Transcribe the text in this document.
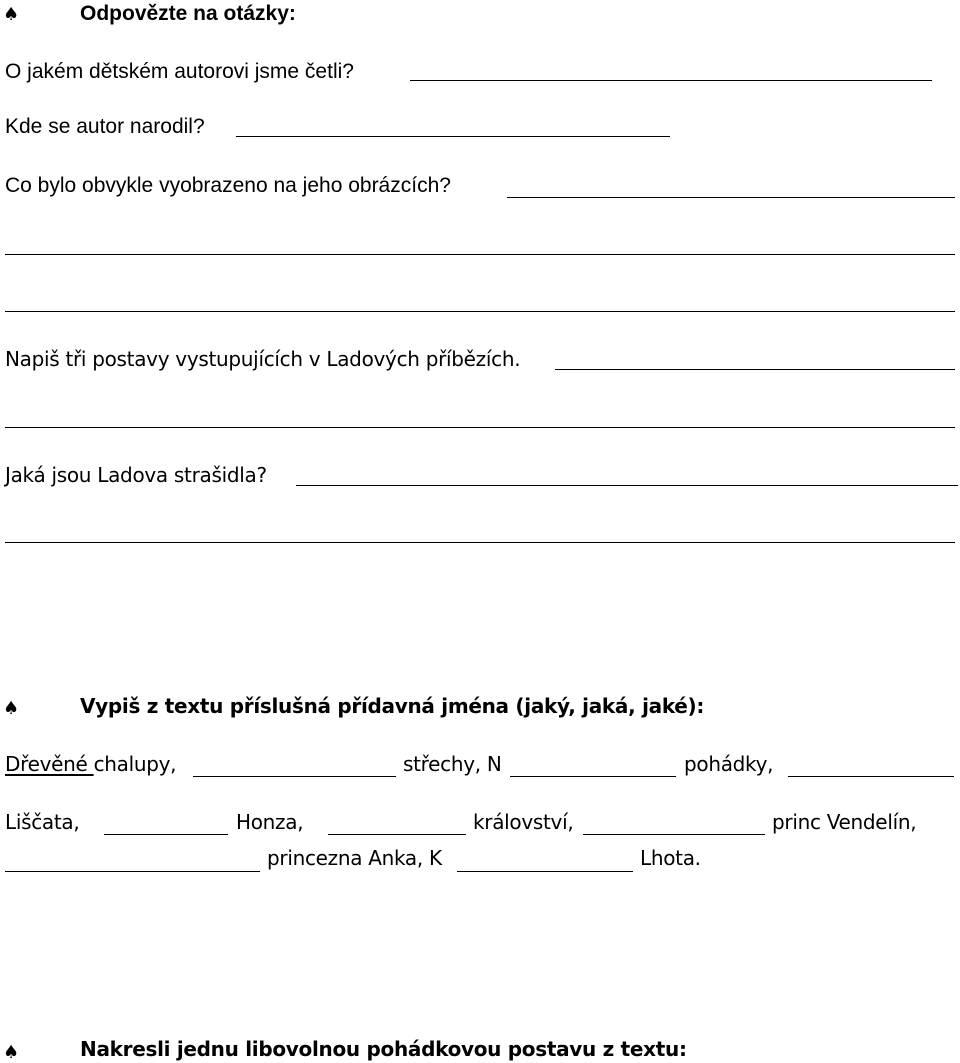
♠	Odpovězte na otázky:
O jakém dětském autorovi jsme četli?
Kde se autor narodil?
Co bylo obvykle vyobrazeno na jeho obrázcích?
Napiš tři postavy vystupujících v Ladových příbězích.
Jaká jsou Ladova strašidla?
♠	Vypiš z textu příslušná přídavná jména (jaký, jaká, jaké):
Dřevěné chalupy,	střechy, N	pohádky,
Liščata,	Honza,	království,	princ Vendelín,
princezna Anka, K	Lhota.
♠	Nakresli jednu libovolnou pohádkovou postavu z textu:
